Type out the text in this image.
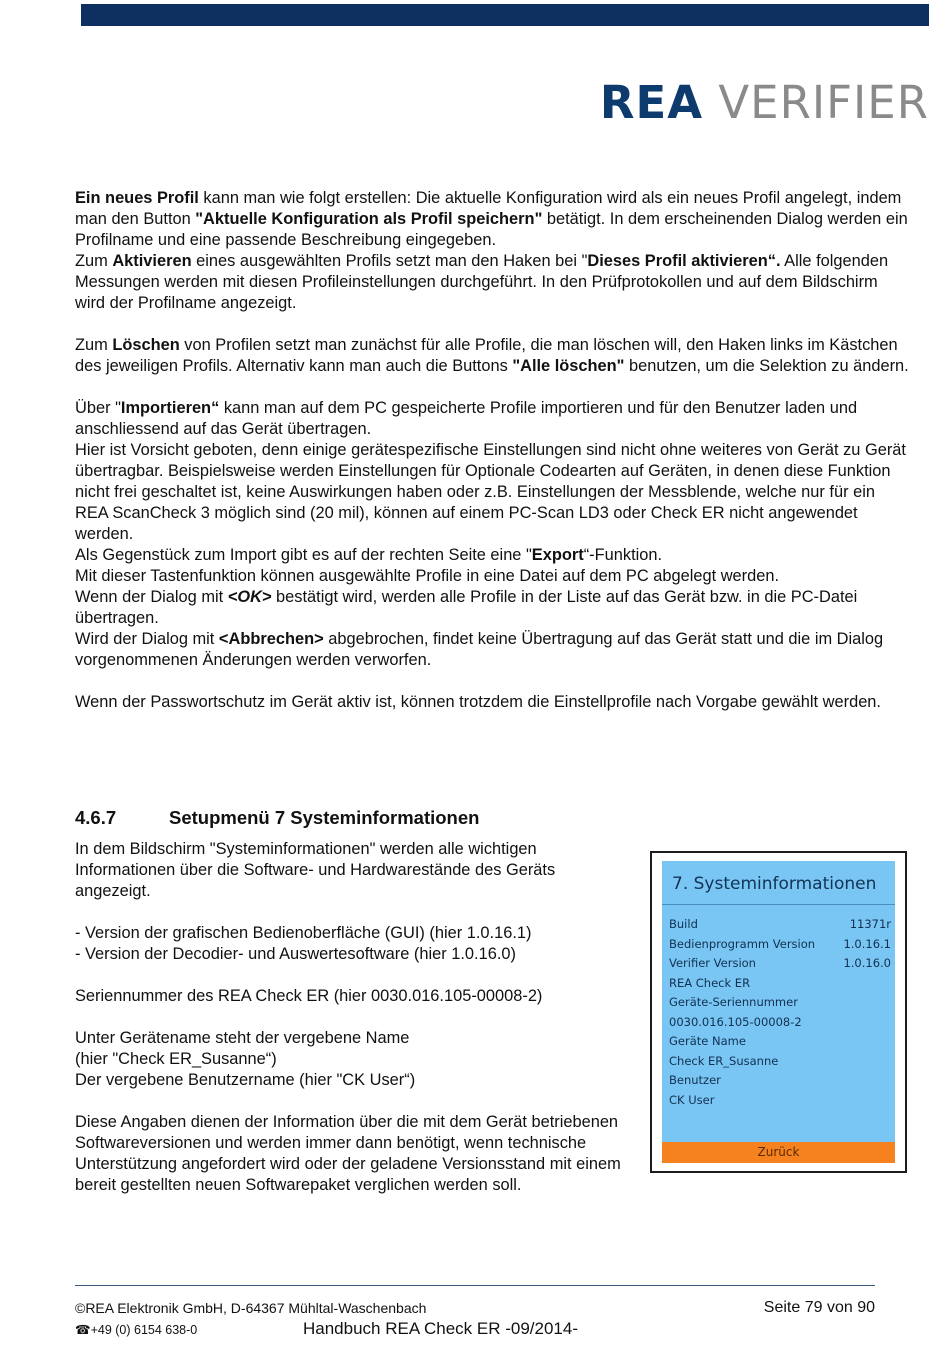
REA VERIFIER

Ein neues Profil kann man wie folgt erstellen: Die aktuelle Konfiguration wird als ein neues Profil angelegt, indem man den Button "Aktuelle Konfiguration als Profil speichern" betätigt. In dem erscheinenden Dialog werden ein Profilname und eine passende Beschreibung eingegeben.

Zum Aktivieren eines ausgewählten Profils setzt man den Haken bei "Dieses Profil aktivieren“. Alle folgenden Messungen werden mit diesen Profileinstellungen durchgeführt. In den Prüfprotokollen und auf dem Bildschirm wird der Profilname angezeigt.

Zum Löschen von Profilen setzt man zunächst für alle Profile, die man löschen will, den Haken links im Kästchen des jeweiligen Profils. Alternativ kann man auch die Buttons "Alle löschen" benutzen, um die Selektion zu ändern.

Über "Importieren“ kann man auf dem PC gespeicherte Profile importieren und für den Benutzer laden und anschliessend auf das Gerät übertragen.

Hier ist Vorsicht geboten, denn einige gerätespezifische Einstellungen sind nicht ohne weiteres von Gerät zu Gerät übertragbar. Beispielsweise werden Einstellungen für Optionale Codearten auf Geräten, in denen diese Funktion nicht frei geschaltet ist, keine Auswirkungen haben oder z.B. Einstellungen der Messblende, welche nur für ein REA ScanCheck 3 möglich sind (20 mil), können auf einem PC-Scan LD3 oder Check ER nicht angewendet werden.

Als Gegenstück zum Import gibt es auf der rechten Seite eine "Export“-Funktion.

Mit dieser Tastenfunktion können ausgewählte Profile in eine Datei auf dem PC abgelegt werden.

Wenn der Dialog mit <OK> bestätigt wird, werden alle Profile in der Liste auf das Gerät bzw. in die PC-Datei übertragen.

Wird der Dialog mit <Abbrechen> abgebrochen, findet keine Übertragung auf das Gerät statt und die im Dialog vorgenommenen Änderungen werden verworfen.

Wenn der Passwortschutz im Gerät aktiv ist, können trotzdem die Einstellprofile nach Vorgabe gewählt werden.

4.6.7	Setupmenü 7 Systeminformationen

In dem Bildschirm "Systeminformationen" werden alle wichtigen Informationen über die Software- und Hardwarestände des Geräts angezeigt.

- Version der grafischen Bedienoberfläche (GUI) (hier 1.0.16.1)

- Version der Decodier- und Auswertesoftware (hier 1.0.16.0)

Seriennummer des REA Check ER (hier 0030.016.105-00008-2)

Unter Gerätename steht der vergebene Name

(hier "Check ER_Susanne“)

Der vergebene Benutzername (hier "CK User“)

Diese Angaben dienen der Information über die mit dem Gerät betriebenen Softwareversionen und werden immer dann benötigt, wenn technische Unterstützung angefordert wird oder der geladene Versionsstand mit einem bereit gestellten neuen Softwarepaket verglichen werden soll.

7. Systeminformationen
Build	11371r
Bedienprogramm Version 1.0.16.1
Verifier Version	1.0.16.0
REA Check ER
Geräte-Seriennummer
0030.016.105-00008-2
Geräte Name
Check ER_Susanne
Benutzer
CK User
Zurück
©REA Elektronik GmbH, D-64367 Mühltal-Waschenbach	Seite 79 von 90
☎+49 (0) 6154 638-0	Handbuch REA Check ER -09/2014-
